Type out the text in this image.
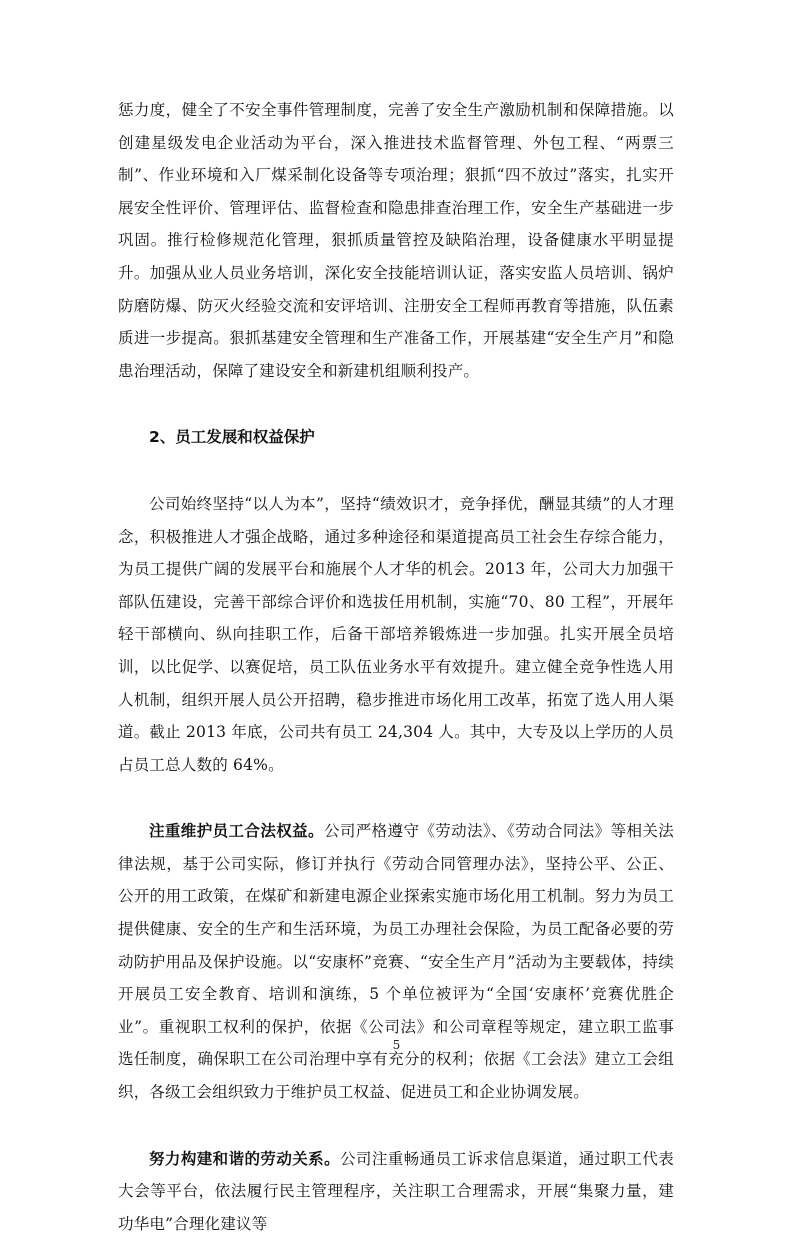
惩力度，健全了不安全事件管理制度，完善了安全生产激励机制和保障措施。以创建星级发电企业活动为平台，深入推进技术监督管理、外包工程、“两票三制”、作业环境和入厂煤采制化设备等专项治理；狠抓“四不放过”落实，扎实开展安全性评价、管理评估、监督检查和隐患排查治理工作，安全生产基础进一步巩固。推行检修规范化管理，狠抓质量管控及缺陷治理，设备健康水平明显提升。加强从业人员业务培训，深化安全技能培训认证，落实安监人员培训、锅炉防磨防爆、防灭火经验交流和安评培训、注册安全工程师再教育等措施，队伍素质进一步提高。狠抓基建安全管理和生产准备工作，开展基建“安全生产月”和隐患治理活动，保障了建设安全和新建机组顺利投产。

2、员工发展和权益保护

公司始终坚持“以人为本”，坚持“绩效识才，竞争择优，酬显其绩”的人才理念，积极推进人才强企战略，通过多种途径和渠道提高员工社会生存综合能力，为员工提供广阔的发展平台和施展个人才华的机会。2013 年，公司大力加强干部队伍建设，完善干部综合评价和选拔任用机制，实施“70、80 工程”，开展年轻干部横向、纵向挂职工作，后备干部培养锻炼进一步加强。扎实开展全员培训，以比促学、以赛促培，员工队伍业务水平有效提升。建立健全竞争性选人用人机制，组织开展人员公开招聘，稳步推进市场化用工改革，拓宽了选人用人渠道。截止 2013 年底，公司共有员工 24,304 人。其中，大专及以上学历的人员占员工总人数的 64%。

注重维护员工合法权益。公司严格遵守《劳动法》、《劳动合同法》等相关法律法规，基于公司实际，修订并执行《劳动合同管理办法》，坚持公平、公正、公开的用工政策，在煤矿和新建电源企业探索实施市场化用工机制。努力为员工提供健康、安全的生产和生活环境，为员工办理社会保险，为员工配备必要的劳动防护用品及保护设施。以“安康杯”竞赛、“安全生产月”活动为主要载体，持续开展员工安全教育、培训和演练，5 个单位被评为“全国‘安康杯’竞赛优胜企业”。重视职工权利的保护，依据《公司法》和公司章程等规定，建立职工监事选任制度，确保职工在公司治理中享有充分的权利；依据《工会法》建立工会组织，各级工会组织致力于维护员工权益、促进员工和企业协调发展。

努力构建和谐的劳动关系。公司注重畅通员工诉求信息渠道，通过职工代表大会等平台，依法履行民主管理程序，关注职工合理需求，开展“集聚力量，建功华电”合理化建议等

5
